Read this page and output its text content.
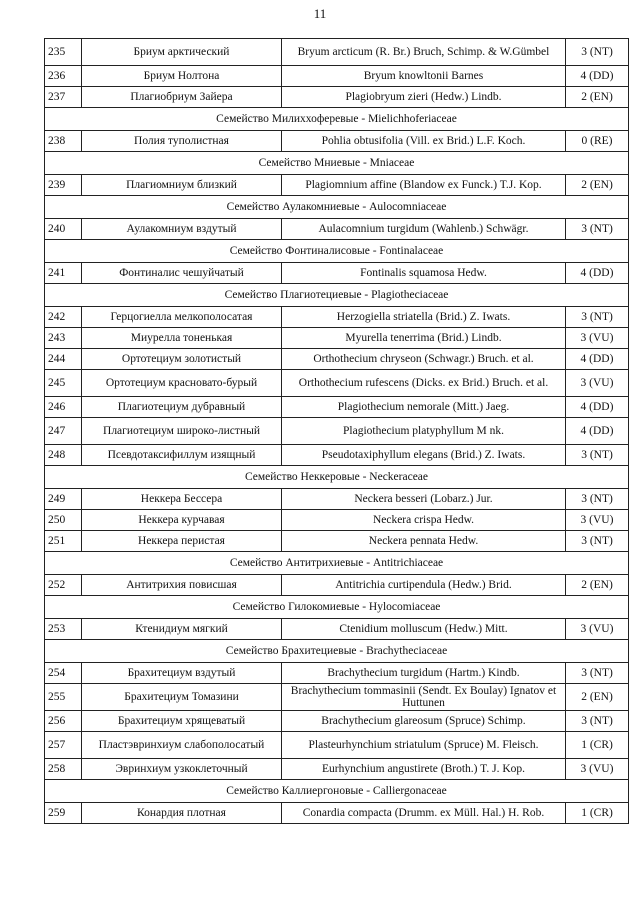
11
235	Бриум арктический	Bryum arcticum (R. Br.) Bruch, Schimp. & W.Gümbel	3 (NT)
236	Бриум Нолтона	Bryum knowltonii Barnes	4 (DD)
237	Плагиобриум Зайера	Plagiobryum zieri (Hedw.) Lindb.	2 (EN)
Семейство Милиххоферевые - Mielichhoferiaceae			
238	Полия туполистная	Pohlia obtusifolia (Vill. ex Brid.) L.F. Koch.	0 (RE)
Семейство Мниевые - Mniaceae			
239	Плагиомниум близкий	Plagiomnium affine (Blandow ex Funck.) T.J. Kop.	2 (EN)
Семейство Аулакомниевые - Aulocomniaceae			
240	Аулакомниум вздутый	Aulacomnium turgidum (Wahlenb.) Schwägr.	3 (NT)
Семейство Фонтиналисовые - Fontinalaceae			
241	Фонтиналис чешуйчатый	Fontinalis squamosa Hedw.	4 (DD)
Семейство Плагиотециевые - Plagiotheciaceae			
242	Герцогиелла мелкополосатая	Herzogiella striatella (Brid.) Z. Iwats.	3 (NT)
243	Миурелла тоненькая	Myurella tenerrima (Brid.) Lindb.	3 (VU)
244	Ортотециум золотистый	Orthothecium chryseon (Schwagr.) Bruch. et al.	4 (DD)
245	Ортотециум красновато-бурый	Orthothecium rufescens (Dicks. ex Brid.) Bruch. et al.	3 (VU)
246	Плагиотециум дубравный	Plagiothecium nemorale (Mitt.) Jaeg.	4 (DD)
247	Плагиотециум широко-листный	Plagiothecium platyphyllum M nk.	4 (DD)
248	Псевдотаксифиллум изящный	Pseudotaxiphyllum elegans (Brid.) Z. Iwats.	3 (NT)
Семейство Неккеровые - Neckeraceae			
249	Неккера Бессера	Neckera besseri (Lobarz.) Jur.	3 (NT)
250	Неккера курчавая	Neckera crispa Hedw.	3 (VU)
251	Неккера перистая	Neckera pennata Hedw.	3 (NT)
Семейство Антитрихиевые - Antitrichiaceae			
252	Антитрихия повисшая	Antitrichia curtipendula (Hedw.) Brid.	2 (EN)
Семейство Гилокомиевые - Hylocomiaceae			
253	Ктенидиум мягкий	Ctenidium molluscum (Hedw.) Mitt.	3 (VU)
Семейство Брахитециевые - Brachytheciaceae			
254	Брахитециум вздутый	Brachythecium turgidum (Hartm.) Kindb.	3 (NT)
255	Брахитециум Томазини	Brachythecium tommasinii (Sendt. Ex Boulay) Ignatov et Huttunen	2 (EN)
256	Брахитециум хрящеватый	Brachythecium glareosum (Spruce) Schimp.	3 (NT)
257	Пластэвринхиум слабополосатый	Plasteurhynchium striatulum (Spruce) M. Fleisch.	1 (CR)
258	Эвринхиум узкоклеточный	Eurhynchium angustirete (Broth.) T. J. Kop.	3 (VU)
Семейство Каллиергоновые - Calliergonaceae			
259	Конардия плотная	Conardia compacta (Drumm. ex Müll. Hal.) H. Rob.	1 (CR)
